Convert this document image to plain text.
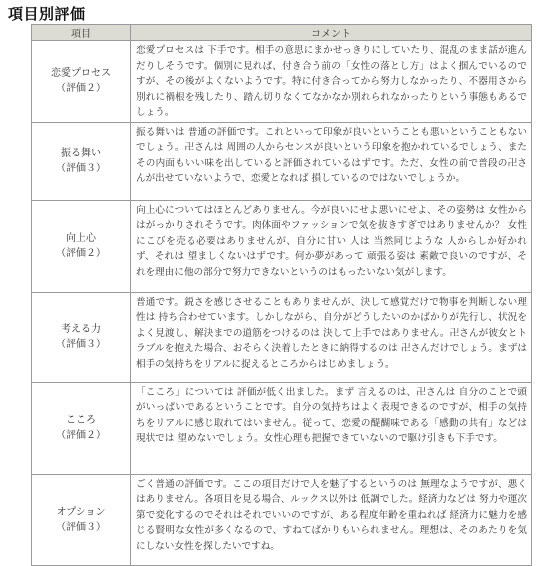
項目別評価
項目	コメント

恋愛プロセス
（評価２）	恋愛プロセスは 下手です。相手の意思にまかせっきりにしていたり、混乱のまま話が進んだりしそうです。個別に見れば、付き合う前の「女性の落とし方」はよく掴んでいるのですが、その後がよくないようです。特に付き合ってから努力しなかったり、不器用さから別れに禍根を残したり、踏ん切りなくてなかなか別れられなかったりという事態もあるでしょう。

振る舞い
（評価３）	振る舞いは 普通の評価です。これといって印象が良いということも悪いということもないでしょう。卍さんは 周囲の人からセンスが良いという印象を抱かれているでしょう、またその内面もいい味を出していると評価されているはずです。ただ、女性の前で普段の卍さんが出せていないようで、恋愛となれば 損しているのではないでしょうか。

向上心
（評価２）	向上心についてはほとんどありません。今が良いにせよ悪いにせよ、その姿勢は 女性からはがっかりされそうです。肉体面やファッションで気を抜きすぎではありませんか？ 女性にこびを売る必要はありませんが、自分に甘い 人は 当然同じような 人からしか好かれず、それは 望ましくないはずです。何か夢があって 頑張る姿は 素敵で良いのですが、それを理由に他の部分で努力できないというのはもったいない気がします。

考える力
（評価３）	普通です。鋭さを感じさせることもありませんが、決して感覚だけで物事を判断しない理性は 持ち合わせています。しかしながら、自分がどうしたいのかばかりが先行し、状況をよく見渡し、解決までの道筋をつけるのは 決して上手ではありません。卍さんが彼女とトラブルを抱えた場合、おそらく決着したときに納得するのは 卍さんだけでしょう。まずは 相手の気持ちをリアルに捉えるところからはじめましょう。

こころ
（評価２）	「こころ」については 評価が低く出ました。まず 言えるのは、卍さんは 自分のことで頭がいっぱいであるということです。自分の気持ちはよく表現できるのですが、相手の気持ちをリアルに感じ取れてはいません。従って、恋愛の醍醐味である「感動の共有」などは 現状では 望めないでしょう。女性心理も把握できていないので駆け引きも下手です。

オプション
（評価３）	ごく普通の評価です。ここの項目だけで人を魅了するというのは 無理なようですが、悪くはありません。各項目を見る場合、ルックス以外は 低調でした。経済力などは 努力や運次第で変化するのでそれはそれでいいのですが、ある程度年齢を重ねれば 経済力に魅力を感じる賢明な女性が多くなるので、すねてばかりもいられません。理想は、そのあたりを気にしない女性を探したいですね。
